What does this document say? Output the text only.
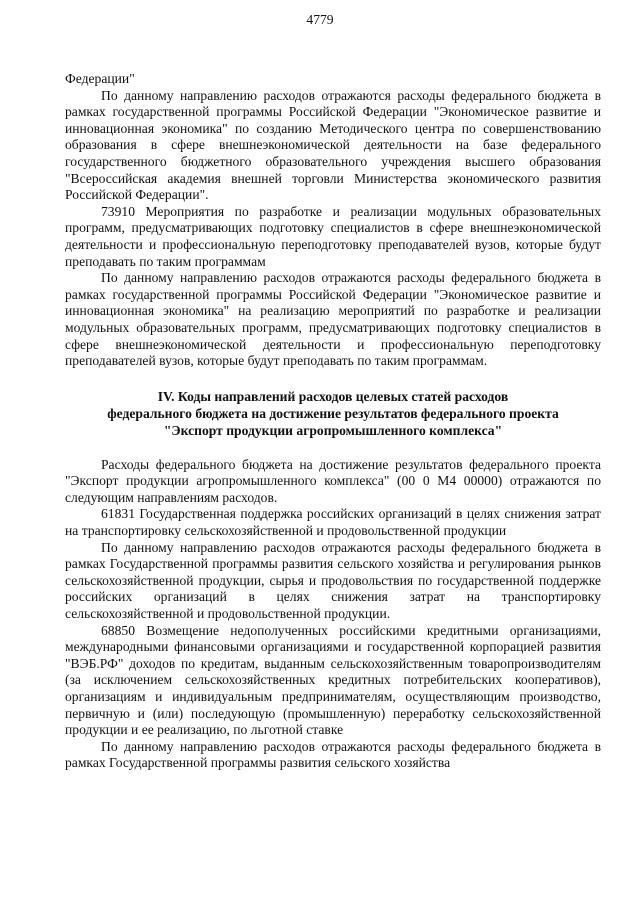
4779

Федерации"

По данному направлению расходов отражаются расходы федерального бюджета в рамках государственной программы Российской Федерации "Экономическое развитие и инновационная экономика" по созданию Методического центра по совершенствованию образования в сфере внешнеэкономической деятельности на базе федерального государственного бюджетного образовательного учреждения высшего образования "Всероссийская академия внешней торговли Министерства экономического развития Российской Федерации".

73910 Мероприятия по разработке и реализации модульных образовательных программ, предусматривающих подготовку специалистов в сфере внешнеэкономической деятельности и профессиональную переподготовку преподавателей вузов, которые будут преподавать по таким программам

По данному направлению расходов отражаются расходы федерального бюджета в рамках государственной программы Российской Федерации "Экономическое развитие и инновационная экономика" на реализацию мероприятий по разработке и реализации модульных образовательных программ, предусматривающих подготовку специалистов в сфере внешнеэкономической деятельности и профессиональную переподготовку преподавателей вузов, которые будут преподавать по таким программам.

IV. Коды направлений расходов целевых статей расходов
федерального бюджета на достижение результатов федерального проекта
"Экспорт продукции агропромышленного комплекса"

Расходы федерального бюджета на достижение результатов федерального проекта "Экспорт продукции агропромышленного комплекса" (00 0 М4 00000) отражаются по следующим направлениям расходов.

61831 Государственная поддержка российских организаций в целях снижения затрат на транспортировку сельскохозяйственной и продовольственной продукции

По данному направлению расходов отражаются расходы федерального бюджета в рамках Государственной программы развития сельского хозяйства и регулирования рынков сельскохозяйственной продукции, сырья и продовольствия по государственной поддержке российских организаций в целях снижения затрат на транспортировку сельскохозяйственной и продовольственной продукции.

68850 Возмещение недополученных российскими кредитными организациями, международными финансовыми организациями и государственной корпорацией развития "ВЭБ.РФ" доходов по кредитам, выданным сельскохозяйственным товаропроизводителям (за исключением сельскохозяйственных кредитных потребительских кооперативов), организациям и индивидуальным предпринимателям, осуществляющим производство, первичную и (или) последующую (промышленную) переработку сельскохозяйственной продукции и ее реализацию, по льготной ставке

По данному направлению расходов отражаются расходы федерального бюджета в рамках Государственной программы развития сельского хозяйства
